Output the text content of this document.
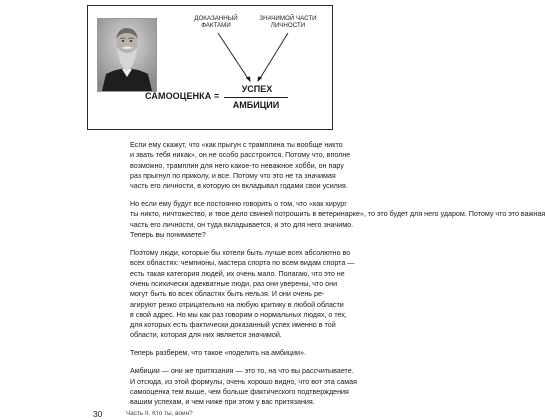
ДОКАЗАННЫЙ
ФАКТАМИ
ЗНАЧИМОЙ ЧАСТИ
ЛИЧНОСТИ
САМООЦЕНКА =
УСПЕХ
АМБИЦИИ

Если ему скажут, что «как прыгун с трамплина ты вообще никто
и звать тебя никак», он не особо расстроится. Потому что, вполне
возможно, трамплин для него какое-то неважное хобби, он пару
раз прыгнул по приколу, и все. Потому что это не та значимая
часть его личности, в которую он вкладывал годами свои усилия.

Но если ему будут все постоянно говорить о том, что «как хирург
ты никто, ничтожество, и твое дело свиней потрошить в ветеринарке», то это будет для него ударом. Потому что это важная
часть его личности, он туда вкладывается, и это для него значимо.
Теперь вы понимаете?

Поэтому люди, которые бы хотели быть лучше всех абсолютно во
всех областях: чемпионы, мастера спорта по всем видам спорта —
есть такая категория людей, их очень мало. Полагаю, что это не
очень психически адекватные люди, раз они уверены, что они
могут быть во всех областях быть нельзя. И они очень ре-
агируют резко отрицательно на любую критику в любой области
в свой адрес. Но мы как раз говорим о нормальных людях, о тех,
для которых есть фактически доказанный успех именно в той
области, которая для них является значимой.

Теперь разберем, что такое «поделить на амбиции».

Амбиции — они же притязания — это то, на что вы рассчитываете.
И отсюда, из этой формулы, очень хорошо видно, что вот эта самая
самооценка тем выше, чем больше фактического подтверждения
вашим успехам, и чем ниже при этом у вас притязания.

30	Часть II. Кто ты, воин?
